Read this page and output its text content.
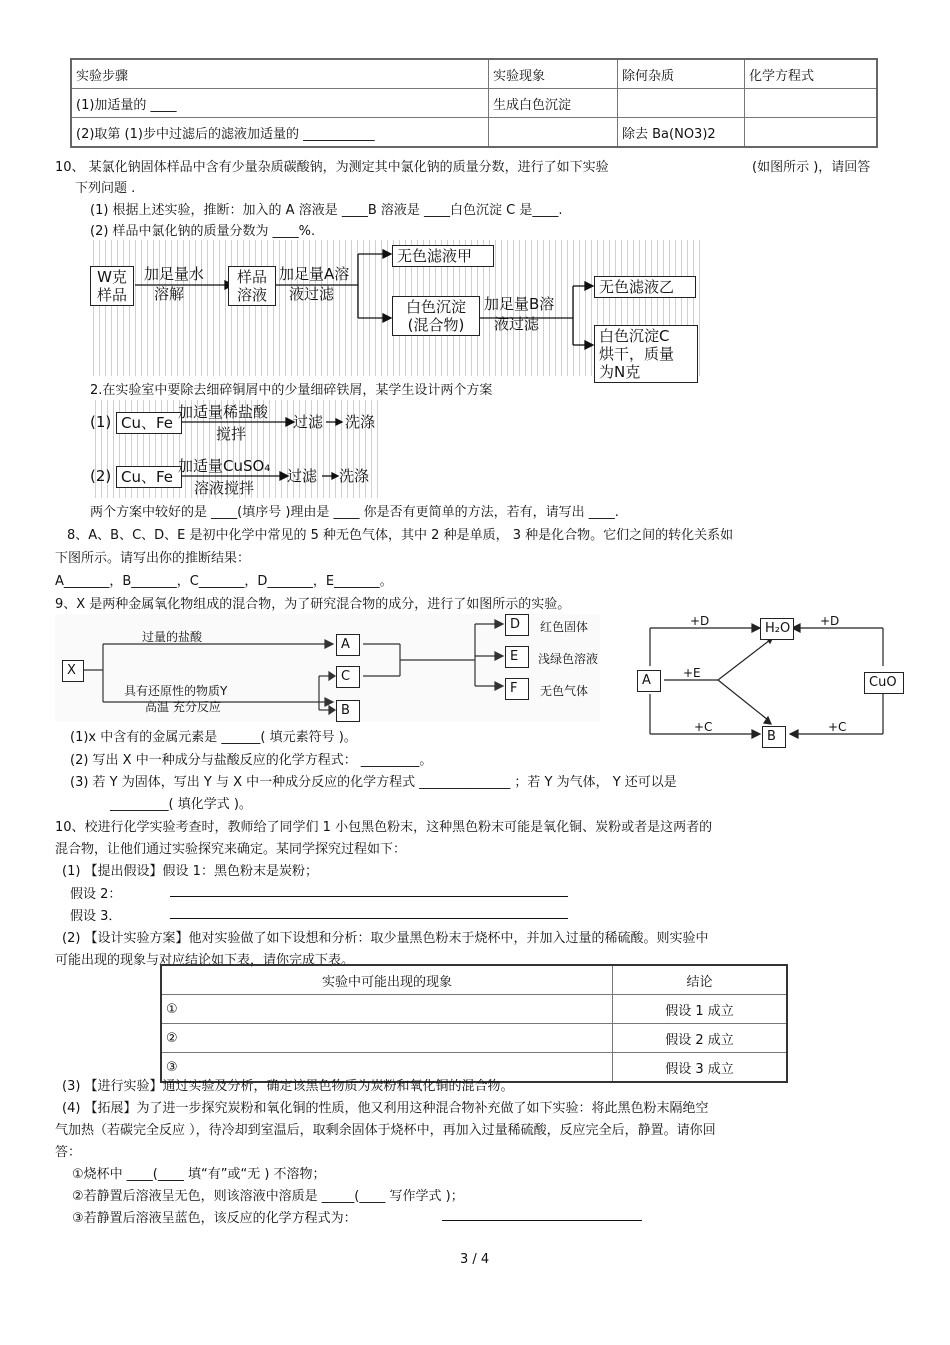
实验步骤	实验现象	除何杂质	化学方程式
(1)加适量的 ____	生成白色沉淀		
(2)取第 (1)步中过滤后的滤液加适量的 ___________		除去 Ba(NO3)2	
10、 某氯化钠固体样品中含有少量杂质碳酸钠，为测定其中氯化钠的质量分数，进行了如下实验	(如图所示 )，请回答
下列问题 .
(1) 根据上述实验，推断：加入的 A 溶液是 ____B 溶液是 ____白色沉淀 C 是____.
(2) 样品中氯化钠的质量分数为 ____%.
W克
样品
加足量水
溶解
样品
溶液
加足量A溶
液过滤
无色滤液甲
白色沉淀
(混合物)
加足量B溶
液过滤
无色滤液乙
白色沉淀C
烘干，质量
为N克
2.在实验室中要除去细碎铜屑中的少量细碎铁屑，某学生设计两个方案
(1) Cu、Fe
加适量稀盐酸
搅拌
过滤 洗涤
(2) Cu、Fe
加适量CuSO₄
溶液搅拌
过滤 洗涤
两个方案中较好的是 ____(填序号 )理由是 ____ 你是否有更简单的方法，若有，请写出 ____.
8、A、B、C、D、E 是初中化学中常见的 5 种无色气体，其中 2 种是单质， 3 种是化合物。它们之间的转化关系如
下图所示。请写出你的推断结果：
A_______，B_______，C_______，D_______，E_______。
9、X 是两种金属氧化物组成的混合物，为了研究混合物的成分，进行了如图所示的实验。
X
过量的盐酸
具有还原性的物质Y
高温 充分反应
A
C
B
D	红色固体
E	浅绿色溶液
F	无色气体
A
H₂O
CuO
B
+D	+D
+E
+C	+C
(1)x 中含有的金属元素是 ______( 填元素符号 )。
(2) 写出 X 中一种成分与盐酸反应的化学方程式： _________。
(3) 若 Y 为固体，写出 Y 与 X 中一种成分反应的化学方程式 ______________ ；若 Y 为气体， Y 还可以是
_________( 填化学式 )。
10、校进行化学实验考查时，教师给了同学们 1 小包黑色粉末，这种黑色粉末可能是氧化铜、炭粉或者是这两者的
混合物，让他们通过实验探究来确定。某同学探究过程如下：
(1) 【提出假设】假设 1：黑色粉末是炭粉；
假设 2：
假设 3．
(2) 【设计实验方案】他对实验做了如下设想和分析：取少量黑色粉末于烧杯中，并加入过量的稀硫酸。则实验中
可能出现的现象与对应结论如下表，请你完成下表。
实验中可能出现的现象	结论
①	假设 1 成立
②	假设 2 成立
③	假设 3 成立
(3) 【进行实验】通过实验及分析，确定该黑色物质为炭粉和氧化铜的混合物。
(4) 【拓展】为了进一步探究炭粉和氧化铜的性质，他又利用这种混合物补充做了如下实验：将此黑色粉末隔绝空
气加热（若碳完全反应 ），待冷却到室温后，取剩余固体于烧杯中，再加入过量稀硫酸，反应完全后，静置。请你回
答：
①烧杯中 ____(____ 填“有”或“无 ) 不溶物；
②若静置后溶液呈无色，则该溶液中溶质是 _____(____ 写作学式 )；
③若静置后溶液呈蓝色，该反应的化学方程式为：
3 / 4
